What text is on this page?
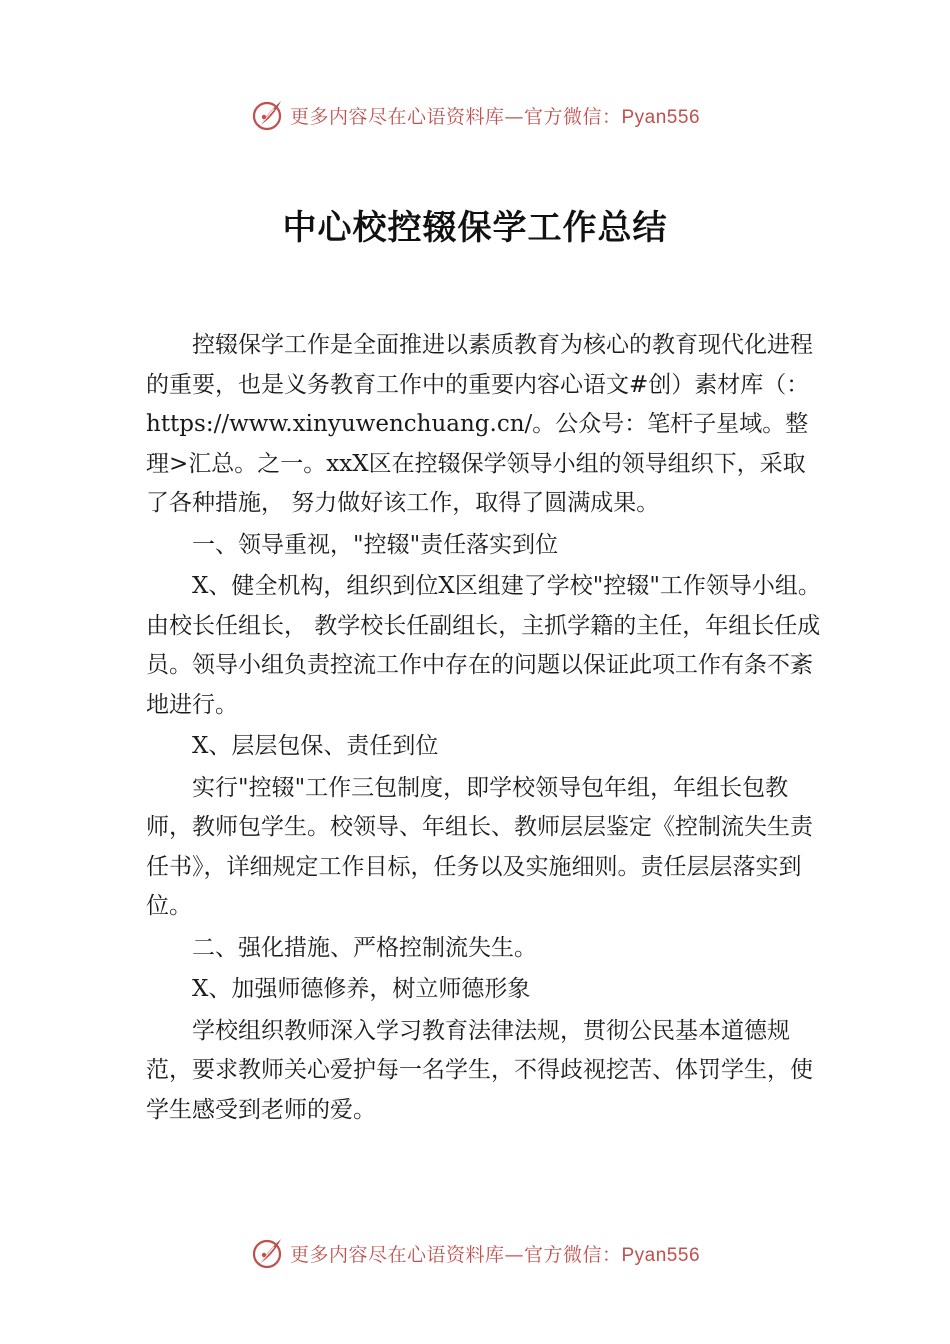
更多内容尽在心语资料库—官方微信：Pyan556
中心校控辍保学工作总结

控辍保学工作是全面推进以素质教育为核心的教育现代化进程的重要，也是义务教育工作中的重要内容心语文#创）素材库（：https://www.xinyuwenchuang.cn/。公众号：笔杆子星域。整理>汇总。之一。xxX区在控辍保学领导小组的领导组织下，采取了各种措施， 努力做好该工作，取得了圆满成果。

一、领导重视，"控辍"责任落实到位

X、健全机构，组织到位X区组建了学校"控辍"工作领导小组。由校长任组长， 教学校长任副组长，主抓学籍的主任，年组长任成员。领导小组负责控流工作中存在的问题以保证此项工作有条不紊地进行。

X、层层包保、责任到位

实行"控辍"工作三包制度，即学校领导包年组，年组长包教师，教师包学生。校领导、年组长、教师层层鉴定《控制流失生责任书》，详细规定工作目标，任务以及实施细则。责任层层落实到位。

二、强化措施、严格控制流失生。

X、加强师德修养，树立师德形象

学校组织教师深入学习教育法律法规，贯彻公民基本道德规范，要求教师关心爱护每一名学生，不得歧视挖苦、体罚学生，使学生感受到老师的爱。

更多内容尽在心语资料库—官方微信：Pyan556
